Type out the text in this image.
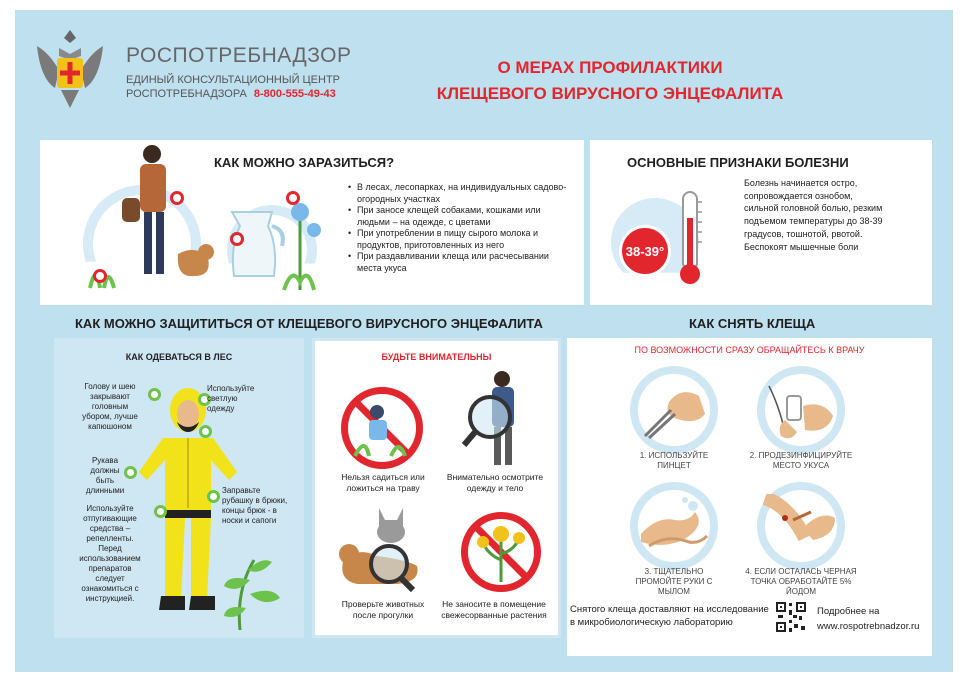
РОСПОТРЕБНАДЗОР
ЕДИНЫЙ КОНСУЛЬТАЦИОННЫЙ ЦЕНТР
РОСПОТРЕБНАДЗОРА 8-800-555-49-43
О МЕРАХ ПРОФИЛАКТИКИ
КЛЕЩЕВОГО ВИРУСНОГО ЭНЦЕФАЛИТА
КАК МОЖНО ЗАРАЗИТЬСЯ?
• В лесах, лесопарках, на индивидуальных садово-огородных участках
• При заносе клещей собаками, кошками или людьми – на одежде, с цветами
• При употреблении в пищу сырого молока и продуктов, приготовленных из него
• При раздавливании клеща или расчесывании места укуса
ОСНОВНЫЕ ПРИЗНАКИ БОЛЕЗНИ
38-39°
Болезнь начинается остро, сопровождается ознобом, сильной головной болью, резким подъемом температуры до 38-39 градусов, тошнотой, рвотой. Беспокоят мышечные боли
КАК МОЖНО ЗАЩИТИТЬСЯ ОТ КЛЕЩЕВОГО ВИРУСНОГО ЭНЦЕФАЛИТА	КАК СНЯТЬ КЛЕЩА
КАК ОДЕВАТЬСЯ В ЛЕС
Голову и шею закрывают головным убором, лучше капюшоном
Используйте светлую одежду
Рукава должны быть длинными	Заправьте рубашку в брюки, концы брюк - в носки и сапоги
Используйте отпугивающие средства – репелленты. Перед использованием препаратов следует ознакомиться с инструкцией.
БУДЬТЕ ВНИМАТЕЛЬНЫ
Нельзя садиться или ложиться на траву
Внимательно осмотрите одежду и тело
Проверьте животных после прогулки
Не заносите в помещение свежесорванные растения
ПО ВОЗМОЖНОСТИ СРАЗУ ОБРАЩАЙТЕСЬ К ВРАЧУ
1. ИСПОЛЬЗУЙТЕ ПИНЦЕТ
2. ПРОДЕЗИНФИЦИРУЙТЕ МЕСТО УКУСА
3. ТЩАТЕЛЬНО ПРОМОЙТЕ РУКИ С МЫЛОМ
4. ЕСЛИ ОСТАЛАСЬ ЧЕРНАЯ ТОЧКА ОБРАБОТАЙТЕ 5% ЙОДОМ
Снятого клеща доставляют на исследование в микробиологическую лабораторию
Подробнее на
www.rospotrebnadzor.ru
